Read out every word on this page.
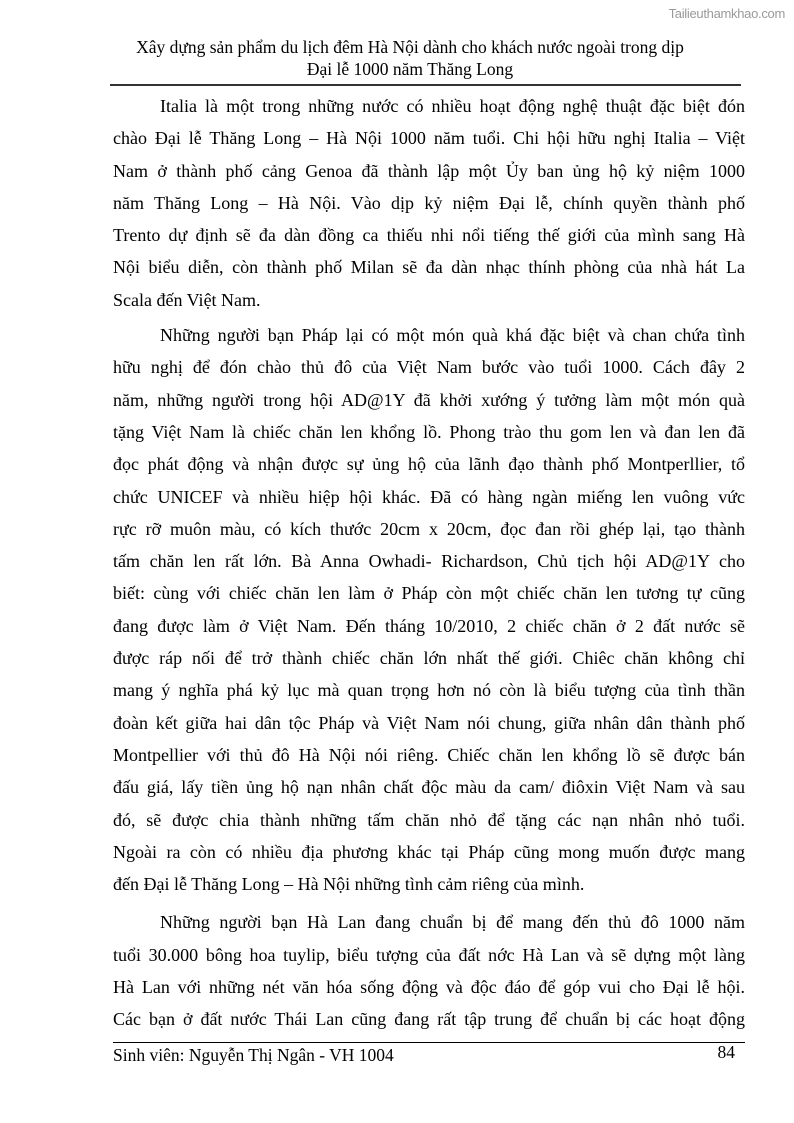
Tailieuthamkhao.com
Xây dựng sản phẩm du lịch đêm Hà Nội dành cho khách nước ngoài trong dịp
Đại lễ 1000 năm Thăng Long
Italia là một trong những nước có nhiều hoạt động nghệ thuật đặc biệt đón
chào Đại lễ Thăng Long – Hà Nội 1000 năm tuổi. Chi hội hữu nghị Italia – Việt
Nam ở thành phố cảng Genoa đã thành lập một Ủy ban ủng hộ kỷ niệm 1000
năm Thăng Long – Hà Nội. Vào dịp kỷ niệm Đại lễ, chính quyền thành phố
Trento dự định sẽ đa dàn đồng ca thiếu nhi nổi tiếng thế giới của mình sang Hà
Nội biểu diễn, còn thành phố Milan sẽ đa dàn nhạc thính phòng của nhà hát La
Scala đến Việt Nam.
Những người bạn Pháp lại có một món quà khá đặc biệt và chan chứa tình
hữu nghị để đón chào thủ đô của Việt Nam bước vào tuổi 1000. Cách đây 2
năm, những người trong hội AD@1Y đã khởi xướng ý tưởng làm một món quà
tặng Việt Nam là chiếc chăn len khổng lồ. Phong trào thu gom len và đan len đã
đọc phát động và nhận được sự ủng hộ của lãnh đạo thành phố Montperllier, tổ
chức UNICEF và nhiều hiệp hội khác. Đã có hàng ngàn miếng len vuông vức
rực rỡ muôn màu, có kích thước 20cm x 20cm, đọc đan rồi ghép lại, tạo thành
tấm chăn len rất lớn. Bà Anna Owhadi- Richardson, Chủ tịch hội AD@1Y cho
biết: cùng với chiếc chăn len làm ở Pháp còn một chiếc chăn len tương tự cũng
đang được làm ở Việt Nam. Đến tháng 10/2010, 2 chiếc chăn ở 2 đất nước sẽ
được ráp nối để trở thành chiếc chăn lớn nhất thế giới. Chiêc chăn không chỉ
mang ý nghĩa phá kỷ lục mà quan trọng hơn nó còn là biểu tượng của tình thần
đoàn kết giữa hai dân tộc Pháp và Việt Nam nói chung, giữa nhân dân thành phố
Montpellier với thủ đô Hà Nội nói riêng. Chiếc chăn len khổng lồ sẽ được bán
đấu giá, lấy tiền ủng hộ nạn nhân chất độc màu da cam/ điôxin Việt Nam và sau
đó, sẽ được chia thành những tấm chăn nhỏ để tặng các nạn nhân nhỏ tuổi.
Ngoài ra còn có nhiều địa phương khác tại Pháp cũng mong muốn được mang
đến Đại lễ Thăng Long – Hà Nội những tình cảm riêng của mình.
Những người bạn Hà Lan đang chuẩn bị để mang đến thủ đô 1000 năm
tuổi 30.000 bông hoa tuylip, biểu tượng của đất nớc Hà Lan và sẽ dựng một làng
Hà Lan với những nét văn hóa sống động và độc đáo để góp vui cho Đại lễ hội.
Các bạn ở đất nước Thái Lan cũng đang rất tập trung để chuẩn bị các hoạt động
Sinh viên: Nguyễn Thị Ngân - VH 1004	84
